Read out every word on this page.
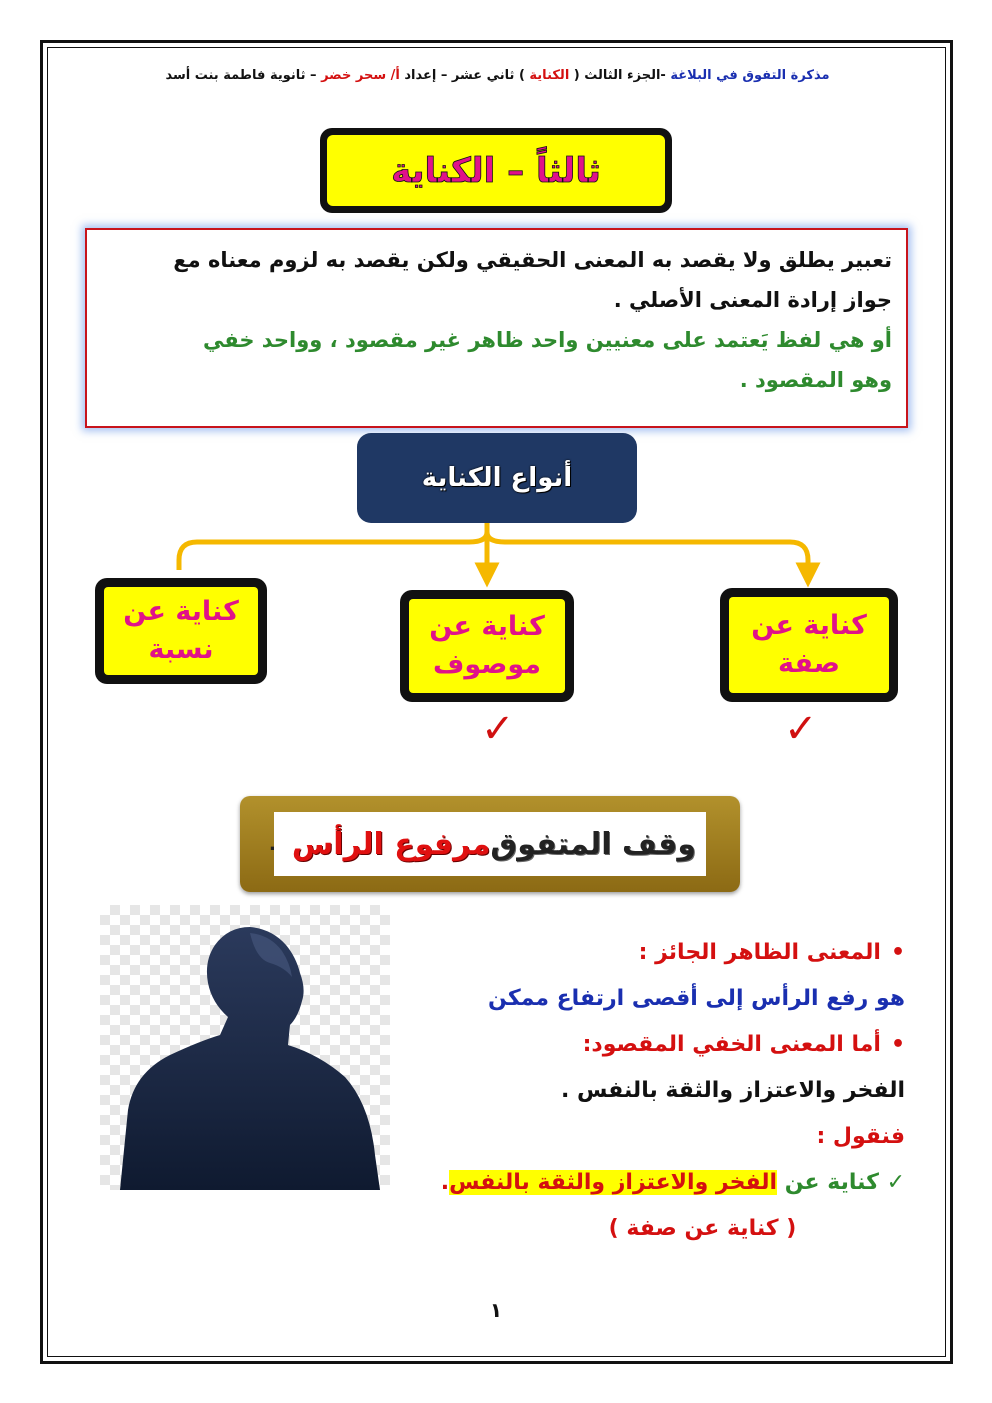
مذكرة التفوق في البلاغة -الجزء الثالث ( الكناية ) ثاني عشر – إعداد أ/ سحر خضر – ثانوية فاطمة بنت أسد
ثالثاً – الكناية
تعبير يطلق ولا يقصد به المعنى الحقيقي ولكن يقصد به لزوم معناه مع
جواز إرادة المعنى الأصلي .
أو هي لفظ يَعتمد على معنيين واحد ظاهر غير مقصود ، وواحد خفي
وهو المقصود .
أنواع الكناية
كناية عن
صفة
كناية عن
موصوف
كناية عن
نسبة
✓
✓
وقف المتفوق
مرفوع الرأس
.
• المعنى الظاهر الجائز :
هو رفع الرأس إلى أقصى ارتفاع ممكن
• أما المعنى الخفي المقصود:
الفخر والاعتزاز والثقة بالنفس .
فنقول :
✓ كناية عن الفخر والاعتزاز والثقة بالنفس.
( كناية عن صفة )
١
